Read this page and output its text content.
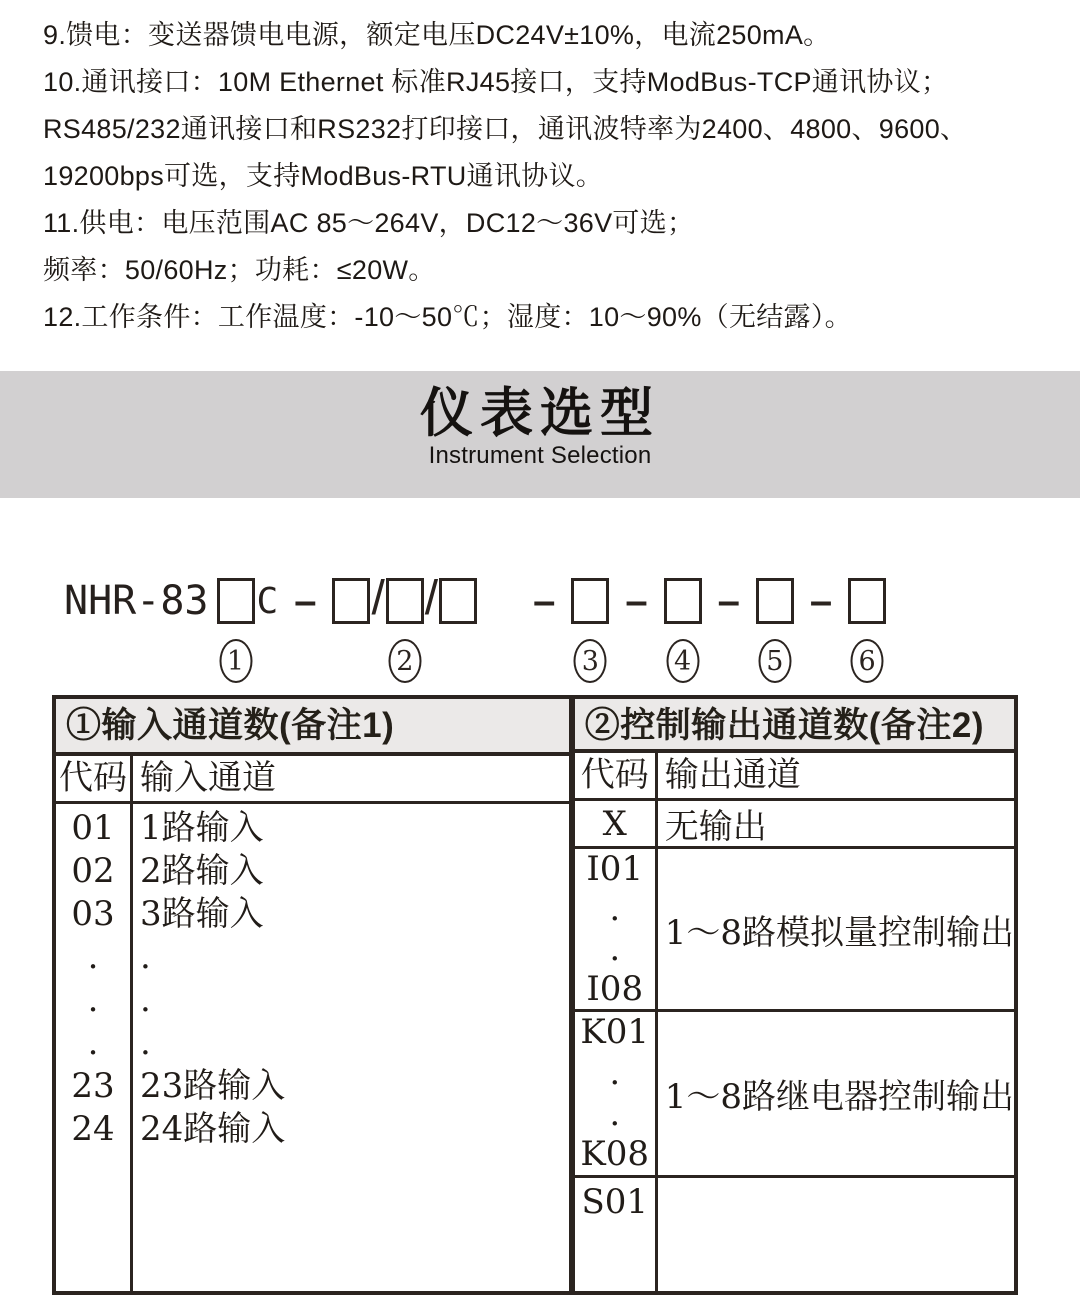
9.馈电：变送器馈电电源，额定电压DC24V±10%，电流250mA。
10.通讯接口：10M Ethernet 标准RJ45接口，支持ModBus-TCP通讯协议；
RS485/232通讯接口和RS232打印接口，通讯波特率为2400、4800、9600、
19200bps可选，支持ModBus-RTU通讯协议。
11.供电：电压范围AC 85～264V，DC12～36V可选；
频率：50/60Hz；功耗：≤20W。
12.工作条件：工作温度：-10～50℃；湿度：10～90%（无结露）。
仪表选型
Instrument Selection
NHR-83
1
C – /
2
/ –
3
–
4
–
5
–
6
①输入通道数(备注1)
代码 输入通道
01
02
03
.
.
.
23
24
1路输入
2路输入
3路输入
.
.
.
23路输入
24路输入
②控制输出通道数(备注2)
代码 输出通道
X	无输出
I01
.
.
I08
1～8路模拟量控制输出
K01
.
.
K08
1～8路继电器控制输出
S01
